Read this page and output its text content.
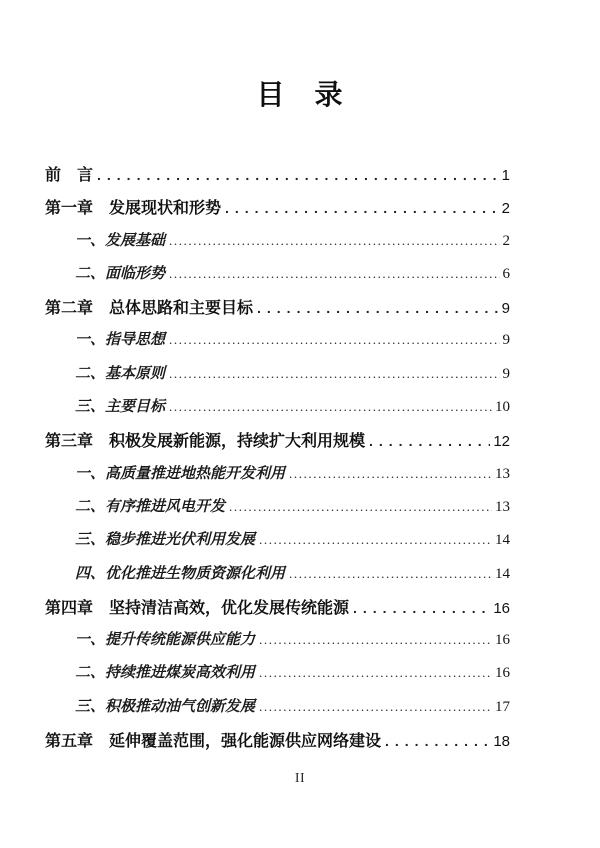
目　录
前　言 .....	1
第一章　发展现状和形势 .....	2
一、发展基础 .....	2
二、面临形势 .....	6
第二章　总体思路和主要目标 .....	9
一、指导思想 .....	9
二、基本原则 .....	9
三、主要目标 .....	10
第三章　积极发展新能源，持续扩大利用规模 .....	12
一、高质量推进地热能开发利用 .....	13
二、有序推进风电开发 .....	13
三、稳步推进光伏利用发展 .....	14
四、优化推进生物质资源化利用 .....	14
第四章　坚持清洁高效，优化发展传统能源 .....	16
一、提升传统能源供应能力 .....	16
二、持续推进煤炭高效利用 .....	16
三、积极推动油气创新发展 .....	17
第五章　延伸覆盖范围，强化能源供应网络建设 .....	18
II
